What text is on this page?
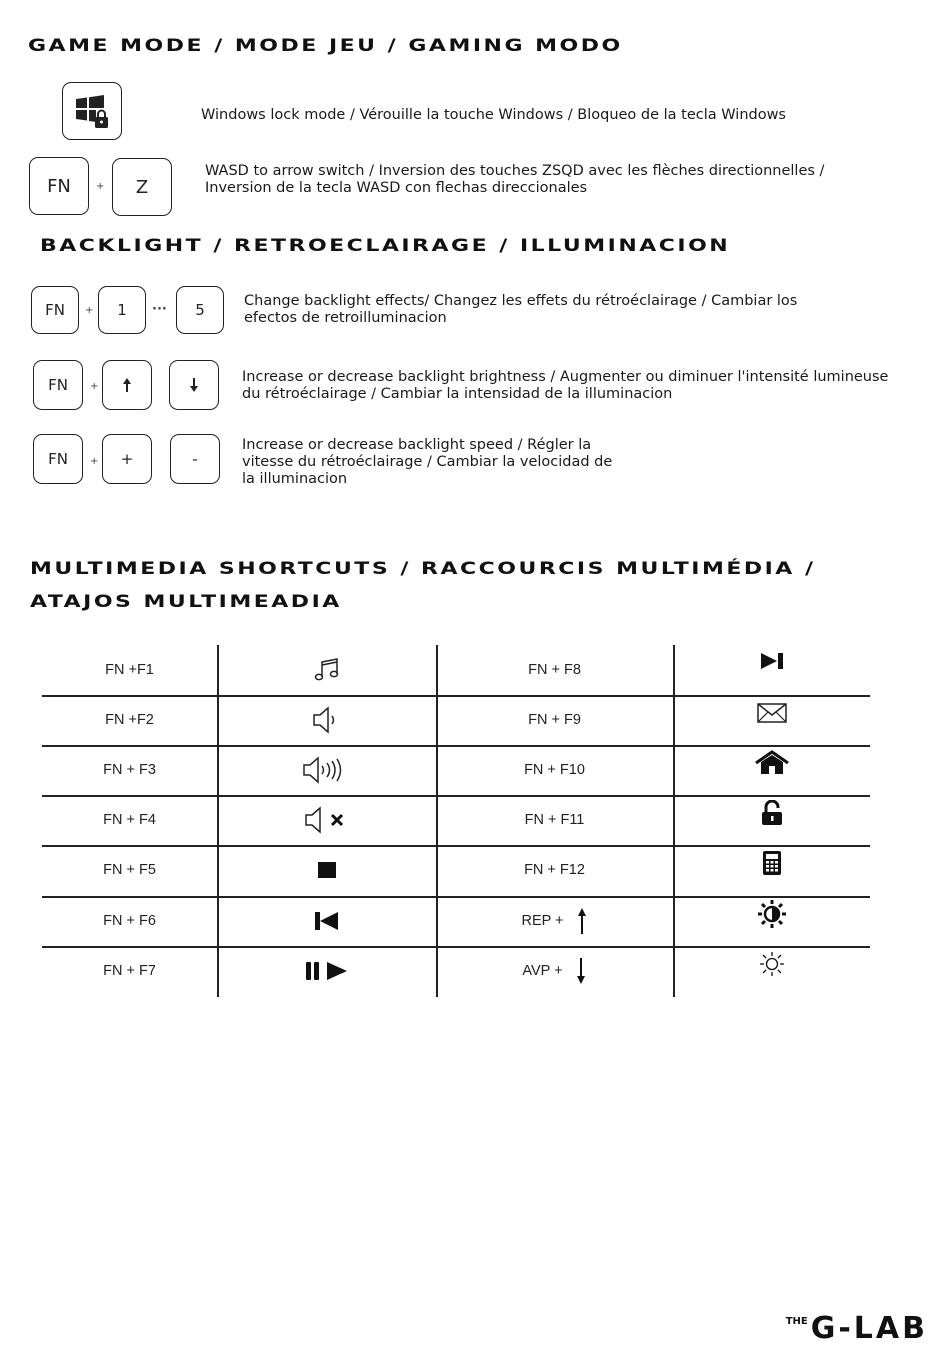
GAME MODE / MODE JEU / GAMING MODO

Windows lock mode / Vérouille la touche Windows / Bloqueo de la tecla Windows

FN	+	Z

WASD to arrow switch / Inversion des touches ZSQD avec les flèches directionnelles /
Inversion de la tecla WASD con flechas direccionales

BACKLIGHT / RETROECLAIRAGE / ILLUMINACION
FN	+	1	···	5	Change backlight effects/ Changez les effets du rétroéclairage / Cambiar los
efectos de retroilluminacion

FN	+

Increase or decrease backlight brightness / Augmenter ou diminuer l'intensité lumineuse
du rétroéclairage / Cambiar la intensidad de la illuminacion

FN	+	+	-

Increase or decrease backlight speed / Régler la
vitesse du rétroéclairage / Cambiar la velocidad de
la illuminacion

MULTIMEDIA SHORTCUTS / RACCOURCIS MULTIMÉDIA /
ATAJOS MULTIMEADIA
FN +F1	FN + F8
FN +F2	FN + F9
FN + F3	FN + F10
FN + F4	FN + F11
FN + F5	FN + F12
FN + F6	REP +
FN + F7	AVP +
THE G-LAB
